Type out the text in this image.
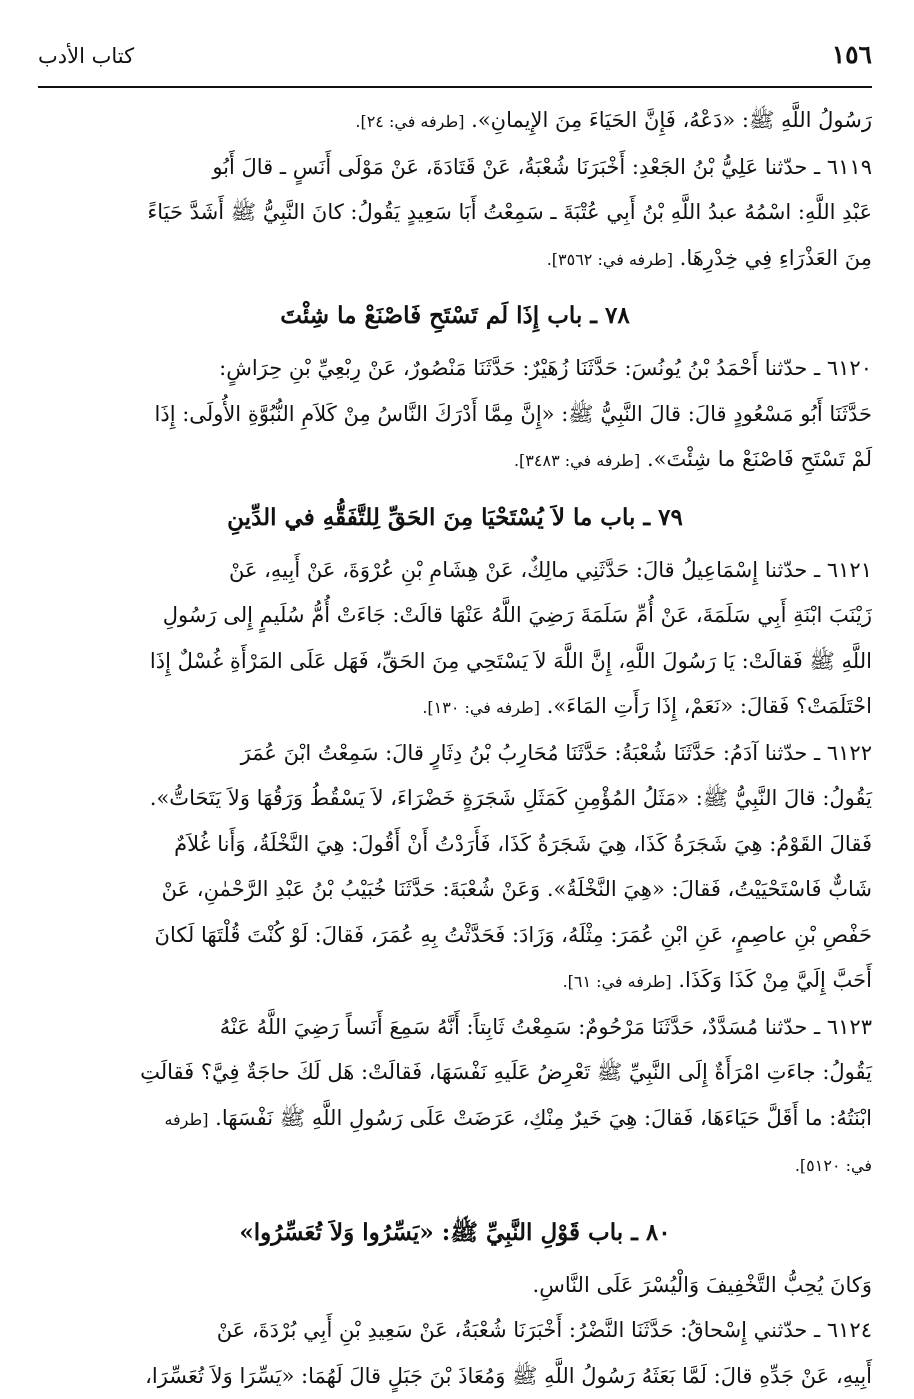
١٥٦
كتاب الأدب

رَسُولُ اللَّهِ ﷺ: «دَعْهُ، فَإِنَّ الحَيَاءَ مِنَ الإِيمانِ». [طرفه في: ٢٤].

٦١١٩ ـ حدّثنا عَلِيُّ بْنُ الجَعْدِ: أَخْبَرَنَا شُعْبَةُ، عَنْ قَتَادَةَ، عَنْ مَوْلَى أَنَسٍ ـ قالَ أَبُو

عَبْدِ اللَّهِ: اسْمُهُ عبدُ اللَّهِ بْنُ أَبِي عُتْبَةَ ـ سَمِعْتُ أَبَا سَعِيدٍ يَقُولُ: كانَ النَّبِيُّ ﷺ أَشَدَّ حَيَاءً

مِنَ العَذْرَاءِ فِي خِدْرِهَا. [طرفه في: ٣٥٦٢].

٧٨ ـ باب إِذَا لَم تَسْتَحِ فَاصْنَعْ ما شِئْتَ

٦١٢٠ ـ حدّثنا أَحْمَدُ بْنُ يُونُسَ: حَدَّثَنَا زُهَيْرٌ: حَدَّثَنَا مَنْصُورٌ، عَنْ رِبْعِيِّ بْنِ حِرَاشٍ:

حَدَّثَنَا أَبُو مَسْعُودٍ قالَ: قالَ النَّبِيُّ ﷺ: «إِنَّ مِمَّا أَدْرَكَ النَّاسُ مِنْ كَلاَمِ النُّبُوَّةِ الأُولَى: إِذَا

لَمْ تَسْتَحِ فَاصْنَعْ ما شِئْتَ». [طرفه في: ٣٤٨٣].

٧٩ ـ باب ما لاَ يُسْتَحْيَا مِنَ الحَقِّ لِلتَّفَقُّهِ في الدِّينِ

٦١٢١ ـ حدّثنا إِسْمَاعِيلُ قالَ: حَدَّثَنِي مالِكٌ، عَنْ هِشَامِ بْنِ عُرْوَةَ، عَنْ أَبِيهِ، عَنْ

زَيْنَبَ ابْنَةِ أَبِي سَلَمَةَ، عَنْ أُمِّ سَلَمَةَ رَضِيَ اللَّهُ عَنْهَا قالَتْ: جَاءَتْ أُمُّ سُلَيمٍ إِلى رَسُولِ

اللَّهِ ﷺ فَقالَتْ: يَا رَسُولَ اللَّهِ، إِنَّ اللَّهَ لاَ يَسْتَحِي مِنَ الحَقِّ، فَهَل عَلَى المَرْأَةِ غُسْلٌ إِذَا

احْتَلَمَتْ؟ فَقالَ: «نَعَمْ، إِذَا رَأَتِ المَاءَ». [طرفه في: ١٣٠].

٦١٢٢ ـ حدّثنا آدَمُ: حَدَّثَنَا شُعْبَةُ: حَدَّثَنَا مُحَارِبُ بْنُ دِثَارٍ قالَ: سَمِعْتُ ابْنَ عُمَرَ

يَقُولُ: قالَ النَّبِيُّ ﷺ: «مَثَلُ المُؤْمِنِ كَمَثَلِ شَجَرَةٍ خَضْرَاءَ، لاَ يَسْقُطُ وَرَقُهَا وَلاَ يَتَحَاتُّ».

فَقالَ القَوْمُ: هِيَ شَجَرَةُ كَذَا، هِيَ شَجَرَةُ كَذَا، فَأَرَدْتُ أَنْ أَقُولَ: هِيَ النَّخْلَةُ، وَأَنا غُلاَمٌ

شَابٌّ فَاسْتَحْيَيْتُ، فَقالَ: «هِيَ النَّخْلَةُ». وَعَنْ شُعْبَةَ: حَدَّثَنَا خُبَيْبُ بْنُ عَبْدِ الرَّحْمٰنِ، عَنْ

حَفْصِ بْنِ عاصِمٍ، عَنِ ابْنِ عُمَرَ: مِثْلَهُ، وَزَادَ: فَحَدَّثْتُ بِهِ عُمَرَ، فَقالَ: لَوْ كُنْتَ قُلْتَهَا لَكانَ

أَحَبَّ إِلَيَّ مِنْ كَذَا وَكَذَا. [طرفه في: ٦١].

٦١٢٣ ـ حدّثنا مُسَدَّدٌ، حَدَّثَنَا مَرْحُومٌ: سَمِعْتُ ثَابِتاً: أَنَّهُ سَمِعَ أَنَساً رَضِيَ اللَّهُ عَنْهُ

يَقُولُ: جاءَتِ امْرَأَةٌ إِلَى النَّبِيِّ ﷺ تَعْرِضُ عَلَيهِ نَفْسَهَا، فَقالَتْ: هَل لَكَ حاجَةٌ فِيَّ؟ فَقالَتِ

ابْنَتُهُ: ما أَقَلَّ حَيَاءَهَا، فَقالَ: هِيَ خَيرٌ مِنْكِ، عَرَضَتْ عَلَى رَسُولِ اللَّهِ ﷺ نَفْسَهَا. [طرفه

في: ٥١٢٠].

٨٠ ـ باب قَوْلِ النَّبِيِّ ﷺ: «يَسِّرُوا وَلاَ تُعَسِّرُوا»

وَكانَ يُحِبُّ التَّخْفِيفَ وَالْيُسْرَ عَلَى النَّاسِ.

٦١٢٤ ـ حدّثني إِسْحاقُ: حَدَّثَنَا النَّضْرُ: أَخْبَرَنَا شُعْبَةُ، عَنْ سَعِيدِ بْنِ أَبِي بُرْدَةَ، عَنْ

أَبِيهِ، عَنْ جَدِّهِ قالَ: لَمَّا بَعَثَهُ رَسُولُ اللَّهِ ﷺ وَمُعَاذَ بْنَ جَبَلٍ قالَ لَهُمَا: «يَسِّرَا وَلاَ تُعَسِّرَا،
